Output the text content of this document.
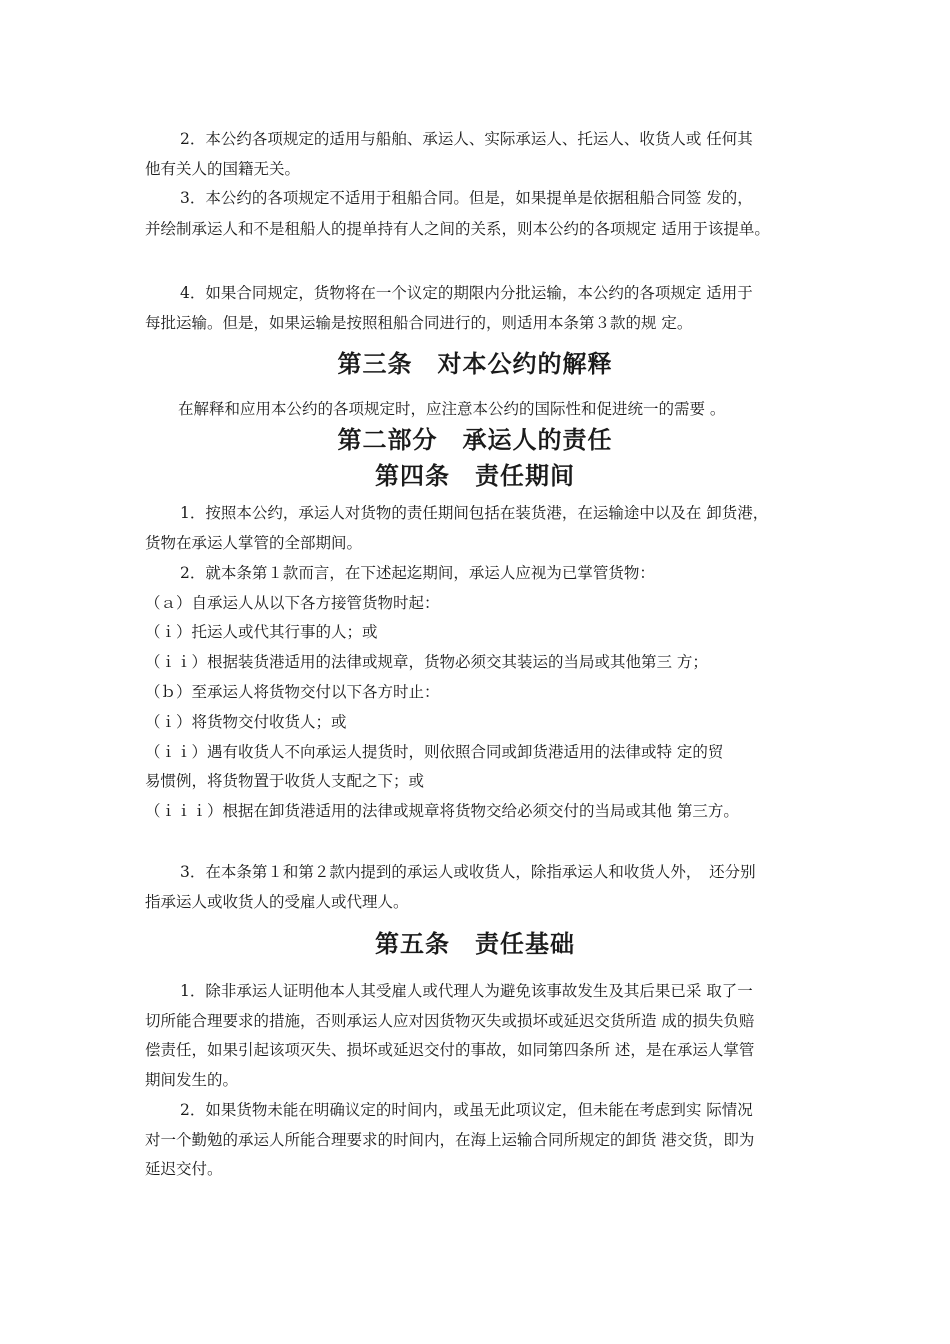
2．本公约各项规定的适用与船舶、承运人、实际承运人、托运人、收货人或 任何其
他有关人的国籍无关。
3．本公约的各项规定不适用于租船合同。但是，如果提单是依据租船合同签 发的，
并绘制承运人和不是租船人的提单持有人之间的关系，则本公约的各项规定 适用于该提单。
4．如果合同规定，货物将在一个议定的期限内分批运输，本公约的各项规定 适用于
每批运输。但是，如果运输是按照租船合同进行的，则适用本条第３款的规 定。
第三条　对本公约的解释
在解释和应用本公约的各项规定时，应注意本公约的国际性和促进统一的需要 。
第二部分　承运人的责任
第四条　责任期间
1．按照本公约，承运人对货物的责任期间包括在装货港，在运输途中以及在 卸货港，
货物在承运人掌管的全部期间。
2．就本条第１款而言，在下述起迄期间，承运人应视为已掌管货物：
（ａ）自承运人从以下各方接管货物时起：
（ｉ）托运人或代其行事的人；或
（ｉｉ）根据装货港适用的法律或规章，货物必须交其装运的当局或其他第三 方；
（ｂ）至承运人将货物交付以下各方时止：
（ｉ）将货物交付收货人；或
（ｉｉ）遇有收货人不向承运人提货时，则依照合同或卸货港适用的法律或特 定的贸
易惯例，将货物置于收货人支配之下；或
（ｉｉｉ）根据在卸货港适用的法律或规章将货物交给必须交付的当局或其他 第三方。
3．在本条第１和第２款内提到的承运人或收货人，除指承运人和收货人外，　还分别
指承运人或收货人的受雇人或代理人。
第五条　责任基础
1．除非承运人证明他本人其受雇人或代理人为避免该事故发生及其后果已采 取了一
切所能合理要求的措施，否则承运人应对因货物灭失或损坏或延迟交货所造 成的损失负赔
偿责任，如果引起该项灭失、损坏或延迟交付的事故，如同第四条所 述，是在承运人掌管
期间发生的。
2．如果货物未能在明确议定的时间内，或虽无此项议定，但未能在考虑到实 际情况
对一个勤勉的承运人所能合理要求的时间内，在海上运输合同所规定的卸货 港交货，即为
延迟交付。
